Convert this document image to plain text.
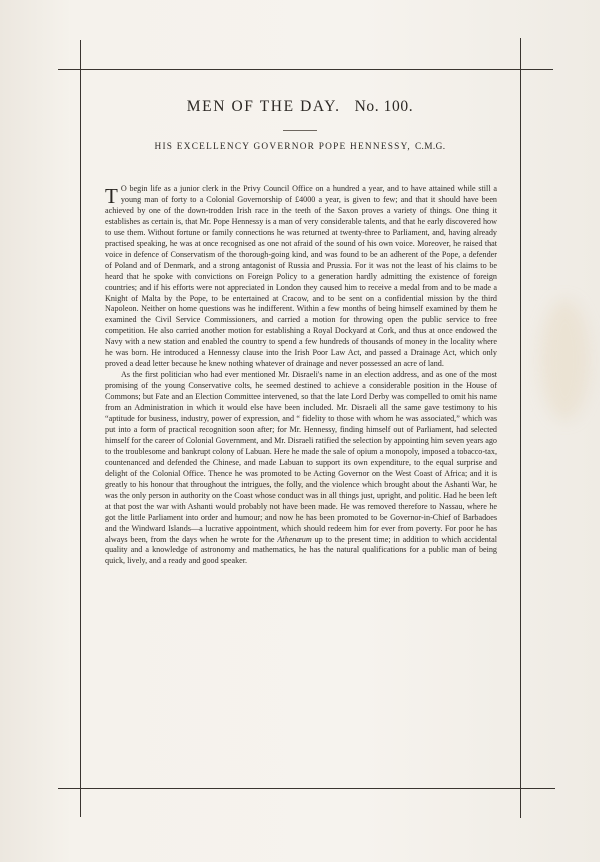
MEN OF THE DAY. No. 100.
HIS EXCELLENCY GOVERNOR POPE HENNESSY, C.M.G.

T O begin life as a junior clerk in the Privy Council Office on a hundred a year, and to have attained while still a young man of forty to a Colonial Governorship of £4000 a year, is given to few; and that it should have been achieved by one of the down-trodden Irish race in the teeth of the Saxon proves a variety of things. One thing it establishes as certain is, that Mr. Pope Hennessy is a man of very considerable talents, and that he early discovered how to use them. Without fortune or family connections he was returned at twenty-three to Parliament, and, having already practised speaking, he was at once recognised as one not afraid of the sound of his own voice. Moreover, he raised that voice in defence of Conservatism of the thorough-going kind, and was found to be an adherent of the Pope, a defender of Poland and of Denmark, and a strong antagonist of Russia and Prussia. For it was not the least of his claims to be heard that he spoke with convictions on Foreign Policy to a generation hardly admitting the existence of foreign countries; and if his efforts were not appreciated in London they caused him to receive a medal from and to be made a Knight of Malta by the Pope, to be entertained at Cracow, and to be sent on a confidential mission by the third Napoleon. Neither on home questions was he indifferent. Within a few months of being himself examined by them he examined the Civil Service Commissioners, and carried a motion for throwing open the public service to free competition. He also carried another motion for establishing a Royal Dockyard at Cork, and thus at once endowed the Navy with a new station and enabled the country to spend a few hundreds of thousands of money in the locality where he was born. He introduced a Hennessy clause into the Irish Poor Law Act, and passed a Drainage Act, which only proved a dead letter because he knew nothing whatever of drainage and never possessed an acre of land.

As the first politician who had ever mentioned Mr. Disraeli's name in an election address, and as one of the most promising of the young Conservative colts, he seemed destined to achieve a considerable position in the House of Commons; but Fate and an Election Committee intervened, so that the late Lord Derby was compelled to omit his name from an Administration in which it would else have been included. Mr. Disraeli all the same gave testimony to his “aptitude for business, industry, power of expression, and “ fidelity to those with whom he was associated,” which was put into a form of practical recognition soon after; for Mr. Hennessy, finding himself out of Parliament, had selected himself for the career of Colonial Government, and Mr. Disraeli ratified the selection by appointing him seven years ago to the troublesome and bankrupt colony of Labuan. Here he made the sale of opium a monopoly, imposed a tobacco-tax, countenanced and defended the Chinese, and made Labuan to support its own expenditure, to the equal surprise and delight of the Colonial Office. Thence he was promoted to be Acting Governor on the West Coast of Africa; and it is greatly to his honour that throughout the intrigues, the folly, and the violence which brought about the Ashanti War, he was the only person in authority on the Coast whose conduct was in all things just, upright, and politic. Had he been left at that post the war with Ashanti would probably not have been made. He was removed therefore to Nassau, where he got the little Parliament into order and humour; and now he has been promoted to be Governor-in-Chief of Barbadoes and the Windward Islands—a lucrative appointment, which should redeem him for ever from poverty. For poor he has always been, from the days when he wrote for the Athenæum up to the present time; in addition to which accidental quality and a knowledge of astronomy and mathematics, he has the natural qualifications for a public man of being quick, lively, and a ready and good speaker.
